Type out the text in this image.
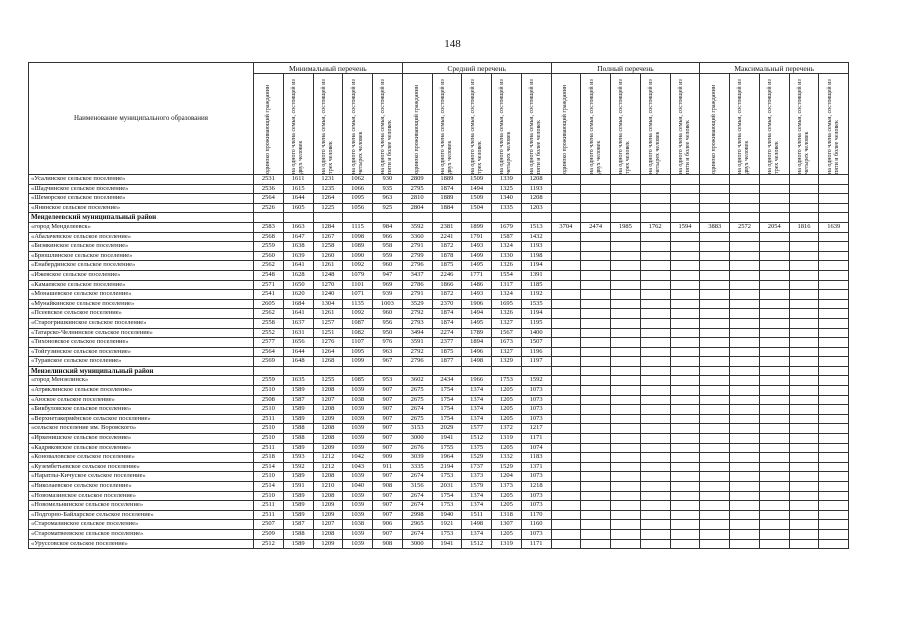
148
Наименование муниципального образования	Минимальный перечень					Средний перечень					Полный перечень					Максимальный перечень				

	одиноко проживающий гражданин	на одного члена семьи, состоящей из двух человек	на одного члена семьи, состоящей из трех человек	на одного члена семьи, состоящей из четырех человек	на одного члена семьи, состоящей из пяти и более человек	одиноко проживающий гражданин	на одного члена семьи, состоящей из двух человек	на одного члена семьи, состоящей из трех человек	на одного члена семьи, состоящей из четырех человек	на одного члена семьи, состоящей из пяти и более человек	одиноко проживающий гражданин	на одного члена семьи, состоящей из двух человек	на одного члена семьи, состоящей из трех человек	на одного члена семьи, состоящей из четырех человек	на одного члена семьи, состоящей из пяти и более человек	одиноко проживающий гражданин	на одного члена семьи, состоящей из двух человек	на одного члена семьи, состоящей из трех человек	на одного члена семьи, состоящей из четырех человек	на одного члена семьи, состоящей из пяти и более человек

«Усалинское сельское поселение»	2531	1611	1231	1062	930	2809	1889	1509	1339	1208										
«Шадчинское сельское поселение»	2536	1615	1235	1066	935	2795	1874	1494	1325	1193										
«Шеморское сельское поселение»	2564	1644	1264	1095	963	2810	1889	1509	1340	1208										
«Янинское сельское поселение»	2526	1605	1225	1056	925	2804	1884	1504	1335	1203										
Менделеевский муниципальный район																				
«город Менделеевск»	2583	1663	1284	1115	984	3592	2381	1899	1679	1513	3704	2474	1985	1762	1594	3883	2572	2054	1816	1639
«Абалачевское сельское поселение»	2568	1647	1267	1098	966	3360	2241	1791	1587	1432										
«Бизякинское сельское поселение»	2559	1638	1258	1089	958	2791	1872	1493	1324	1193										
«Брюшлинское сельское поселение»	2560	1639	1260	1090	959	2799	1878	1499	1330	1198										
«Енабердинское сельское поселение»	2562	1641	1261	1092	960	2796	1875	1495	1326	1194										
«Ижевское сельское поселение»	2548	1628	1248	1079	947	3437	2246	1771	1554	1391										
«Камаевское сельское поселение»	2571	1650	1270	1101	969	2786	1866	1486	1317	1185										
«Монашевское сельское поселение»	2541	1620	1240	1071	939	2791	1872	1493	1324	1192										
«Мунайкинское сельское поселение»	2605	1684	1304	1135	1003	3529	2370	1906	1695	1535										
«Псеевское сельское поселение»	2562	1641	1261	1092	960	2792	1874	1494	1326	1194										
«Старогришкинское сельское поселение»	2558	1637	1257	1087	956	2793	1874	1495	1327	1195										
«Татарско-Челнинское сельское поселение»	2552	1631	1251	1082	950	3494	2274	1789	1567	1400										
«Тихоновское сельское поселение»	2577	1656	1276	1107	976	3591	2377	1894	1673	1507										
«Тойгузинское сельское поселение»	2564	1644	1264	1095	963	2792	1875	1496	1327	1196										
«Туравское сельское поселение»	2569	1648	1268	1099	967	2796	1877	1498	1329	1197										
Мензелинский муниципальный район																				
«город Мензелинск»	2559	1635	1255	1085	953	3602	2434	1966	1753	1592										
«Атряклинское сельское поселение»	2510	1589	1208	1039	907	2675	1754	1374	1205	1073										
«Аюское сельское поселение»	2508	1587	1207	1038	907	2675	1754	1374	1205	1073										
«Бикбуловское сельское поселение»	2510	1589	1208	1039	907	2674	1754	1374	1205	1073										
«Верхнетакермёнское сельское поселение»	2511	1589	1209	1039	907	2675	1754	1374	1205	1073										
«сельское поселение им. Воровского»	2510	1588	1208	1039	907	3153	2029	1577	1372	1217										
«Иркенишское сельское поселение»	2510	1588	1208	1039	907	3000	1941	1512	1319	1171										
«Кадряковское сельское поселение»	2511	1589	1209	1039	907	2676	1755	1375	1205	1074										
«Коноваловское сельское поселение»	2518	1593	1212	1042	909	3039	1964	1529	1332	1183										
«Кузембетьевское сельское поселение»	2514	1592	1212	1043	911	3335	2194	1737	1529	1371										
«Наратлы-Кичуское сельское поселение»	2510	1589	1208	1039	907	2674	1753	1373	1204	1073										
«Николаевское сельское поселение»	2514	1591	1210	1040	908	3156	2031	1579	1373	1218										
«Новомазинское сельское поселение»	2510	1589	1208	1039	907	2674	1754	1374	1205	1073										
«Новомельнинское сельское поселение»	2511	1589	1209	1039	907	2674	1753	1374	1205	1073										
«Подгорно-Байларское сельское поселение»	2511	1589	1209	1039	907	2998	1940	1511	1318	1170										
«Старомазинское сельское поселение»	2507	1587	1207	1038	906	2965	1921	1498	1307	1160										
«Староматвеевское сельское поселение»	2509	1588	1208	1039	907	2674	1753	1374	1205	1073										
«Уруссовское сельское поселение»	2512	1589	1209	1039	908	3000	1941	1512	1319	1171										
